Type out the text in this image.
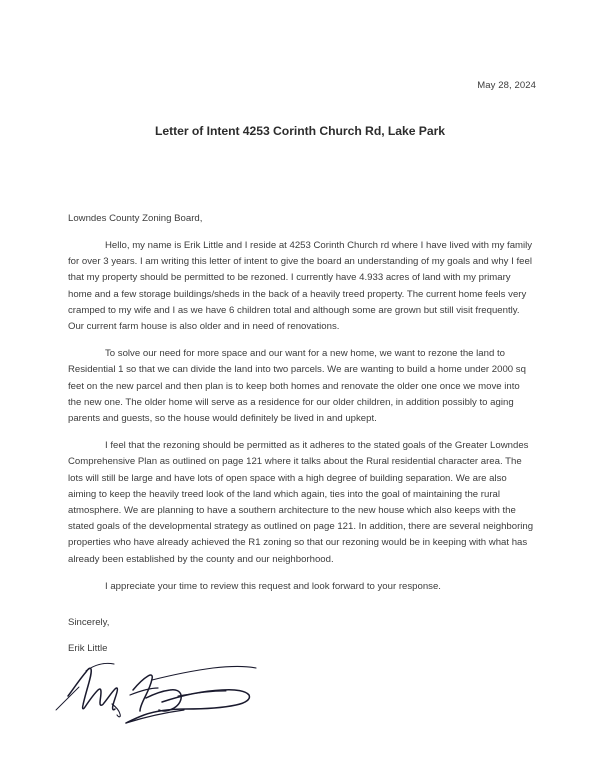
May 28, 2024
Letter of Intent 4253 Corinth Church Rd, Lake Park

Lowndes County Zoning Board,

Hello, my name is Erik Little and I reside at 4253 Corinth Church rd where I have lived with my family for over 3 years. I am writing this letter of intent to give the board an understanding of my goals and why I feel that my property should be permitted to be rezoned. I currently have 4.933 acres of land with my primary home and a few storage buildings/sheds in the back of a heavily treed property. The current home feels very cramped to my wife and I as we have 6 children total and although some are grown but still visit frequently. Our current farm house is also older and in need of renovations.

To solve our need for more space and our want for a new home, we want to rezone the land to Residential 1 so that we can divide the land into two parcels. We are wanting to build a home under 2000 sq feet on the new parcel and then plan is to keep both homes and renovate the older one once we move into the new one. The older home will serve as a residence for our older children, in addition possibly to aging parents and guests, so the house would definitely be lived in and upkept.

I feel that the rezoning should be permitted as it adheres to the stated goals of the Greater Lowndes Comprehensive Plan as outlined on page 121 where it talks about the Rural residential character area. The lots will still be large and have lots of open space with a high degree of building separation. We are also aiming to keep the heavily treed look of the land which again, ties into the goal of maintaining the rural atmosphere. We are planning to have a southern architecture to the new house which also keeps with the stated goals of the developmental strategy as outlined on page 121. In addition, there are several neighboring properties who have already achieved the R1 zoning so that our rezoning would be in keeping with what has already been established by the county and our neighborhood.

I appreciate your time to review this request and look forward to your response.

Sincerely,
Erik Little
